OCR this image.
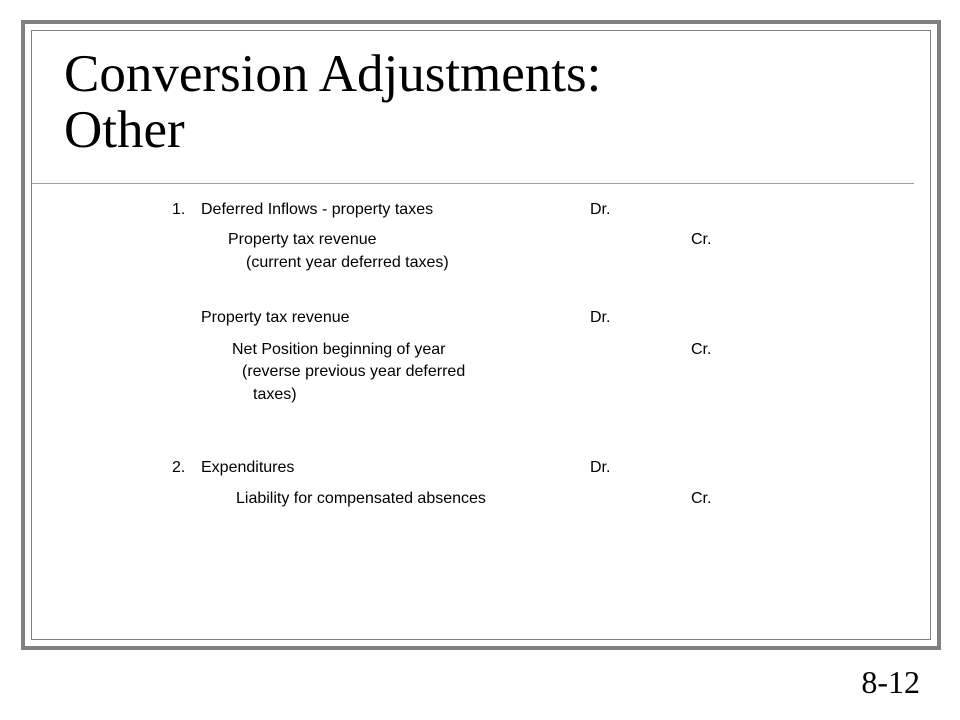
Conversion Adjustments:
Other
1. Deferred Inflows - property taxes	Dr.
Property tax revenue	Cr.
(current year deferred taxes)
Property tax revenue	Dr.
Net Position beginning of year	Cr.
(reverse previous year deferred
taxes)
2. Expenditures	Dr.
Liability for compensated absences	Cr.
8-12
